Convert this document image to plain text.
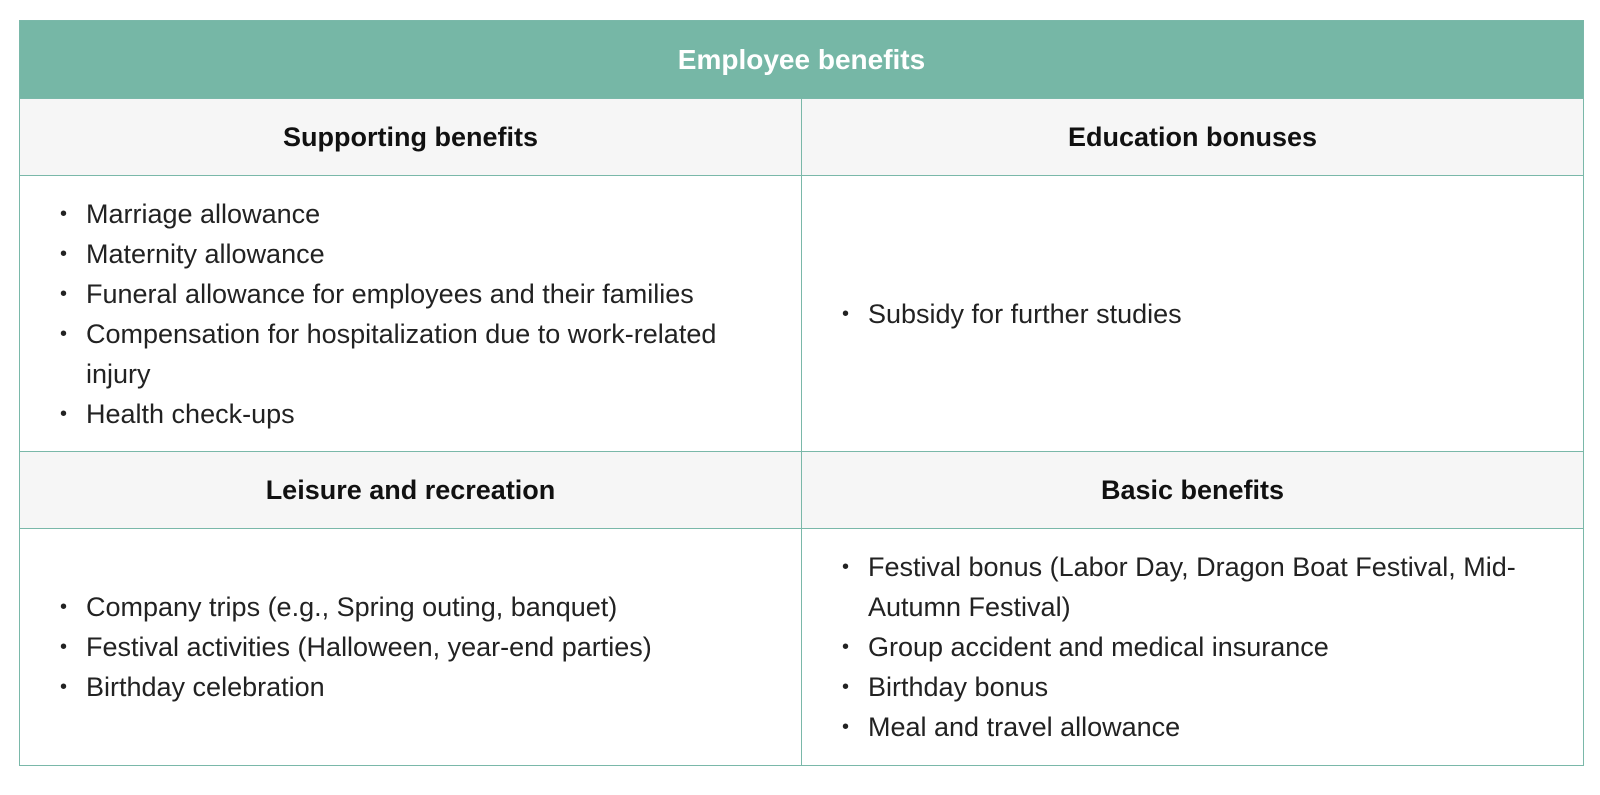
Employee benefits
Supporting benefits	Education bonuses
• Marriage allowance
• Maternity allowance
• Funeral allowance for employees and their families
• Compensation for hospitalization due to work-related injury
• Health check-ups
• Subsidy for further studies
Leisure and recreation	Basic benefits
• Company trips (e.g., Spring outing, banquet)
• Festival activities (Halloween, year-end parties)
• Birthday celebration
• Festival bonus (Labor Day, Dragon Boat Festival, Mid-Autumn Festival)
• Group accident and medical insurance
• Birthday bonus
• Meal and travel allowance
